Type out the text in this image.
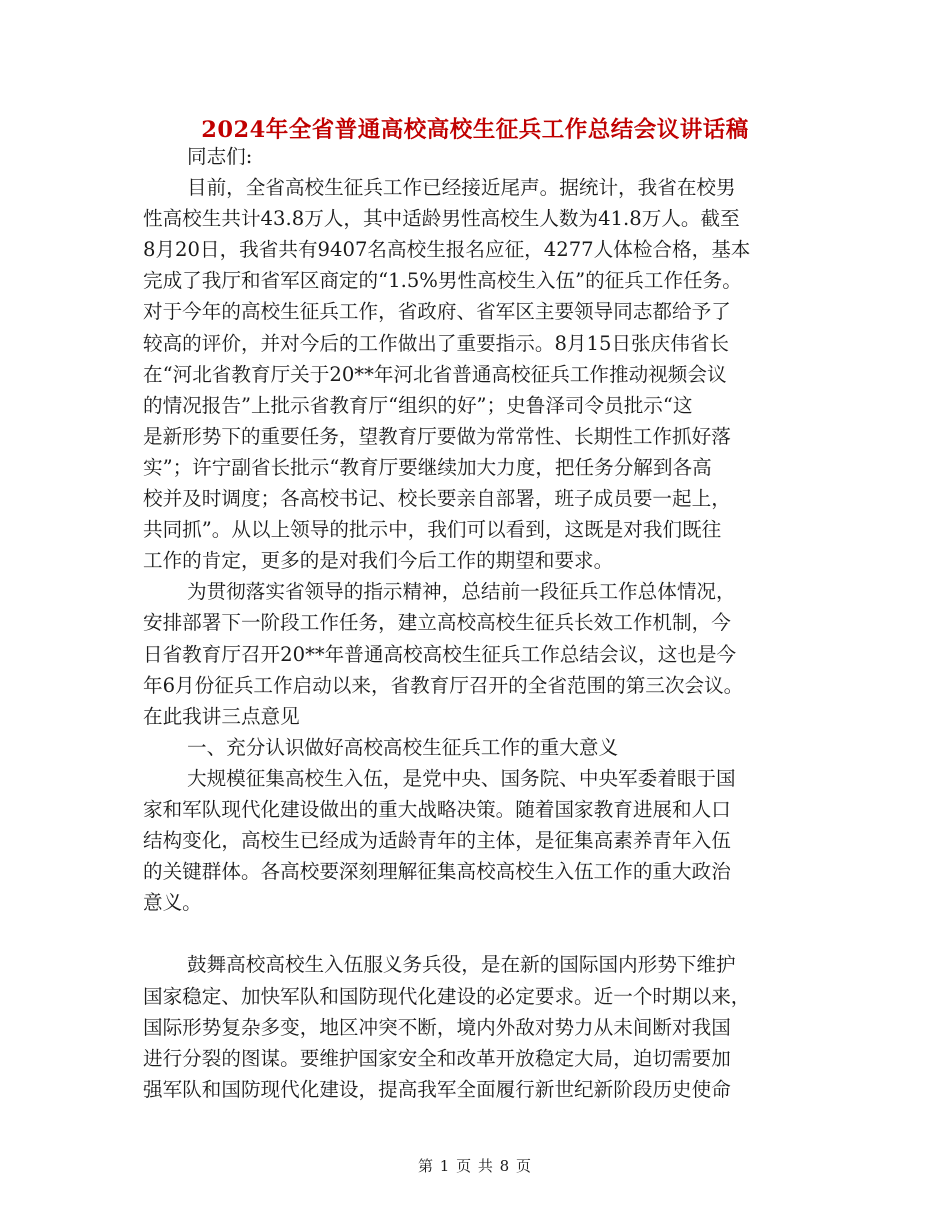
2024年全省普通高校高校生征兵工作总结会议讲话稿
同志们:
目前，全省高校生征兵工作已经接近尾声。据统计，我省在校男
性高校生共计43.8万人，其中适龄男性高校生人数为41.8万人。截至
8月20日，我省共有9407名高校生报名应征，4277人体检合格，基本
完成了我厅和省军区商定的“1.5%男性高校生入伍”的征兵工作任务。
对于今年的高校生征兵工作，省政府、省军区主要领导同志都给予了
较高的评价，并对今后的工作做出了重要指示。8月15日张庆伟省长
在“河北省教育厅关于20**年河北省普通高校征兵工作推动视频会议
的情况报告”上批示省教育厅“组织的好”；史鲁泽司令员批示“这
是新形势下的重要任务，望教育厅要做为常常性、长期性工作抓好落
实”；许宁副省长批示“教育厅要继续加大力度，把任务分解到各高
校并及时调度；各高校书记、校长要亲自部署，班子成员要一起上，
共同抓”。从以上领导的批示中，我们可以看到，这既是对我们既往
工作的肯定，更多的是对我们今后工作的期望和要求。
为贯彻落实省领导的指示精神，总结前一段征兵工作总体情况，
安排部署下一阶段工作任务，建立高校高校生征兵长效工作机制，今
日省教育厅召开20**年普通高校高校生征兵工作总结会议，这也是今
年6月份征兵工作启动以来，省教育厅召开的全省范围的第三次会议。
在此我讲三点意见
一、充分认识做好高校高校生征兵工作的重大意义
大规模征集高校生入伍，是党中央、国务院、中央军委着眼于国
家和军队现代化建设做出的重大战略决策。随着国家教育进展和人口
结构变化，高校生已经成为适龄青年的主体，是征集高素养青年入伍
的关键群体。各高校要深刻理解征集高校高校生入伍工作的重大政治
意义。
鼓舞高校高校生入伍服义务兵役，是在新的国际国内形势下维护
国家稳定、加快军队和国防现代化建设的必定要求。近一个时期以来，
国际形势复杂多变，地区冲突不断，境内外敌对势力从未间断对我国
进行分裂的图谋。要维护国家安全和改革开放稳定大局，迫切需要加
强军队和国防现代化建设，提高我军全面履行新世纪新阶段历史使命
第 1 页 共 8 页
